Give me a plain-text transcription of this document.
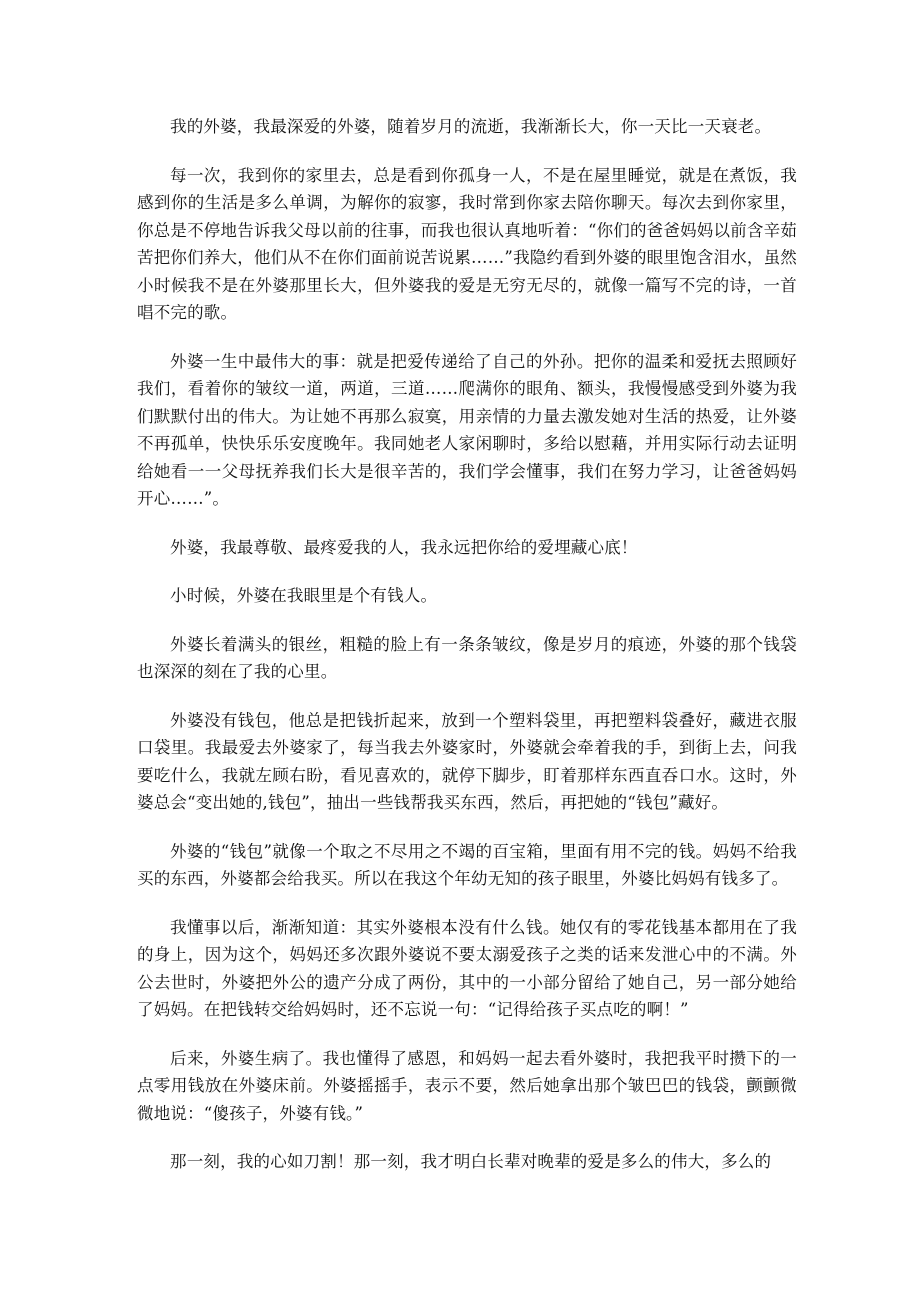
我的外婆，我最深爱的外婆，随着岁月的流逝，我渐渐长大，你一天比一天衰老。

每一次，我到你的家里去，总是看到你孤身一人，不是在屋里睡觉，就是在煮饭，我感到你的生活是多么单调，为解你的寂寥，我时常到你家去陪你聊天。每次去到你家里，你总是不停地告诉我父母以前的往事，而我也很认真地听着：“你们的爸爸妈妈以前含辛茹苦把你们养大，他们从不在你们面前说苦说累……”我隐约看到外婆的眼里饱含泪水，虽然小时候我不是在外婆那里长大，但外婆我的爱是无穷无尽的，就像一篇写不完的诗，一首唱不完的歌。

外婆一生中最伟大的事：就是把爱传递给了自己的外孙。把你的温柔和爱抚去照顾好我们，看着你的皱纹一道，两道，三道……爬满你的眼角、额头，我慢慢感受到外婆为我们默默付出的伟大。为让她不再那么寂寞，用亲情的力量去激发她对生活的热爱，让外婆不再孤单，快快乐乐安度晚年。我同她老人家闲聊时，多给以慰藉，并用实际行动去证明给她看一一父母抚养我们长大是很辛苦的，我们学会懂事，我们在努力学习，让爸爸妈妈开心……”。

外婆，我最尊敬、最疼爱我的人，我永远把你给的爱埋藏心底！

小时候，外婆在我眼里是个有钱人。

外婆长着满头的银丝，粗糙的脸上有一条条皱纹，像是岁月的痕迹，外婆的那个钱袋也深深的刻在了我的心里。

外婆没有钱包，他总是把钱折起来，放到一个塑料袋里，再把塑料袋叠好，藏进衣服口袋里。我最爱去外婆家了，每当我去外婆家时，外婆就会牵着我的手，到街上去，问我要吃什么，我就左顾右盼，看见喜欢的，就停下脚步，盯着那样东西直吞口水。这时，外婆总会“变出她的,钱包”，抽出一些钱帮我买东西，然后，再把她的“钱包”藏好。

外婆的“钱包”就像一个取之不尽用之不竭的百宝箱，里面有用不完的钱。妈妈不给我买的东西，外婆都会给我买。所以在我这个年幼无知的孩子眼里，外婆比妈妈有钱多了。

我懂事以后，渐渐知道：其实外婆根本没有什么钱。她仅有的零花钱基本都用在了我的身上，因为这个，妈妈还多次跟外婆说不要太溺爱孩子之类的话来发泄心中的不满。外公去世时，外婆把外公的遗产分成了两份，其中的一小部分留给了她自己，另一部分她给了妈妈。在把钱转交给妈妈时，还不忘说一句：“记得给孩子买点吃的啊！”

后来，外婆生病了。我也懂得了感恩，和妈妈一起去看外婆时，我把我平时攒下的一点零用钱放在外婆床前。外婆摇摇手，表示不要，然后她拿出那个皱巴巴的钱袋，颤颤微微地说：“傻孩子，外婆有钱。”

那一刻，我的心如刀割！那一刻，我才明白长辈对晚辈的爱是多么的伟大，多么的
